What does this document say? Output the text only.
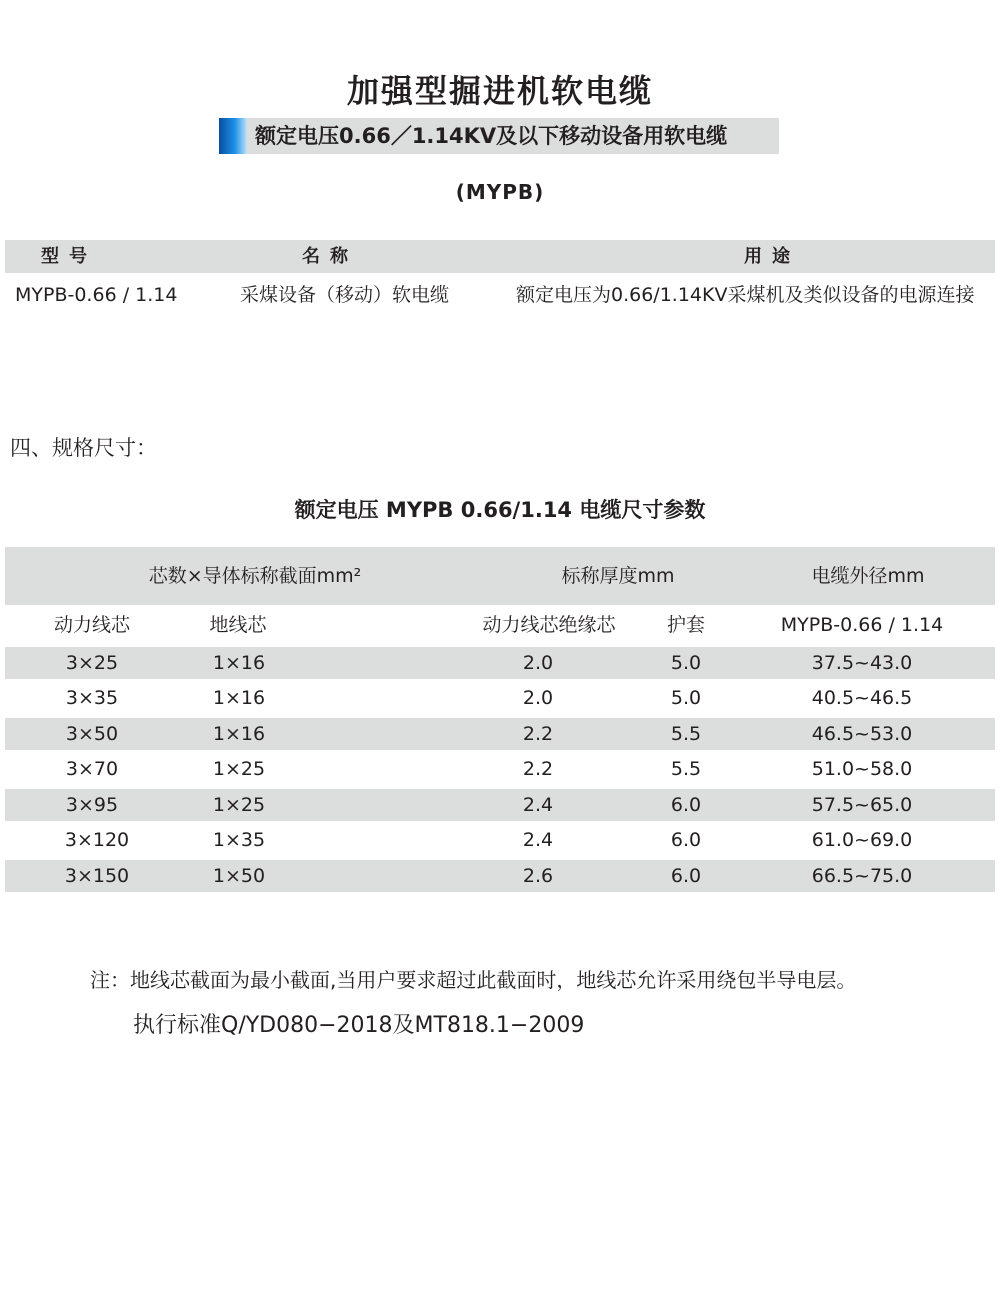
加强型掘进机软电缆
额定电压0.66／1.14KV及以下移动设备用软电缆
(MYPB)
型号	名称	用途
MYPB-0.66 / 1.14	采煤设备（移动）软电缆	额定电压为0.66/1.14KV采煤机及类似设备的电源连接
四、规格尺寸：
额定电压 MYPB 0.66/1.14 电缆尺寸参数
芯数×导体标称截面mm²	标称厚度mm	电缆外径mm
动力线芯	地线芯	动力线芯绝缘芯	护套	MYPB-0.66 / 1.14
3×25	1×16	2.0	5.0	37.5~43.0
3×35	1×16	2.0	5.0	40.5~46.5
3×50	1×16	2.2	5.5	46.5~53.0
3×70	1×25	2.2	5.5	51.0~58.0
3×95	1×25	2.4	6.0	57.5~65.0
3×120	1×35	2.4	6.0	61.0~69.0
3×150	1×50	2.6	6.0	66.5~75.0
注：地线芯截面为最小截面,当用户要求超过此截面时，地线芯允许采用绕包半导电层。
执行标准Q/YD080−2018及MT818.1−2009
